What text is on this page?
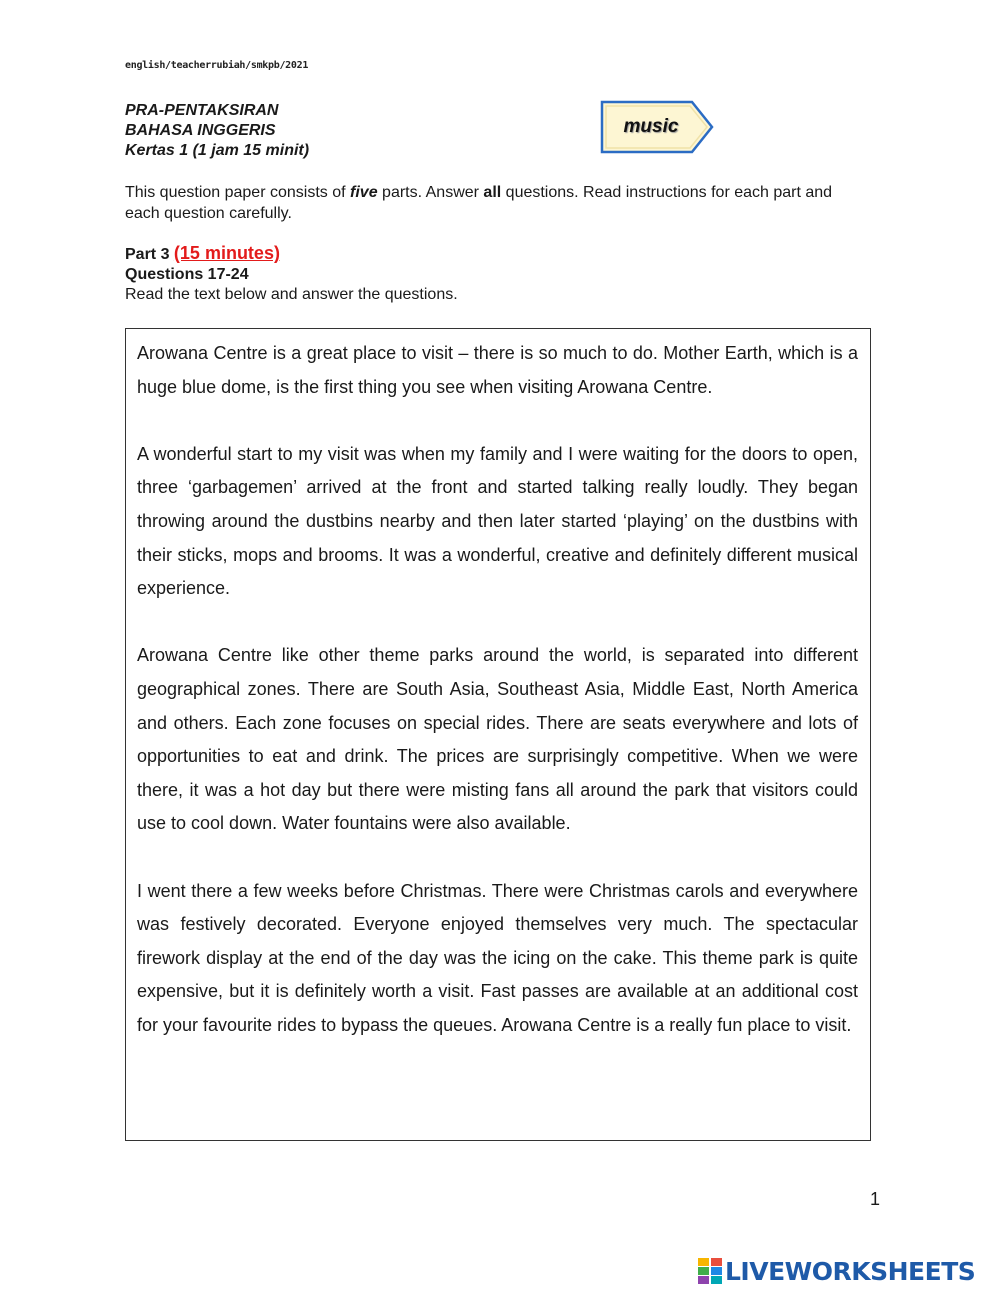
english/teacherrubiah/smkpb/2021
PRA-PENTAKSIRAN
BAHASA INGGERIS
Kertas 1 (1 jam 15 minit)
music
This question paper consists of five parts. Answer all questions. Read instructions for each part and each question carefully.
Part 3 (15 minutes)
Questions 17-24
Read the text below and answer the questions.

Arowana Centre is a great place to visit – there is so much to do. Mother Earth, which is a huge blue dome, is the first thing you see when visiting Arowana Centre.

A wonderful start to my visit was when my family and I were waiting for the doors to open, three ‘garbagemen’ arrived at the front and started talking really loudly. They began throwing around the dustbins nearby and then later started ‘playing’ on the dustbins with their sticks, mops and brooms. It was a wonderful, creative and definitely different musical experience.

Arowana Centre like other theme parks around the world, is separated into different geographical zones. There are South Asia, Southeast Asia, Middle East, North America and others. Each zone focuses on special rides. There are seats everywhere and lots of opportunities to eat and drink. The prices are surprisingly competitive. When we were there, it was a hot day but there were misting fans all around the park that visitors could use to cool down. Water fountains were also available.

I went there a few weeks before Christmas. There were Christmas carols and everywhere was festively decorated. Everyone enjoyed themselves very much. The spectacular firework display at the end of the day was the icing on the cake. This theme park is quite expensive, but it is definitely worth a visit. Fast passes are available at an additional cost for your favourite rides to bypass the queues. Arowana Centre is a really fun place to visit.

1
LIVEWORKSHEETS
